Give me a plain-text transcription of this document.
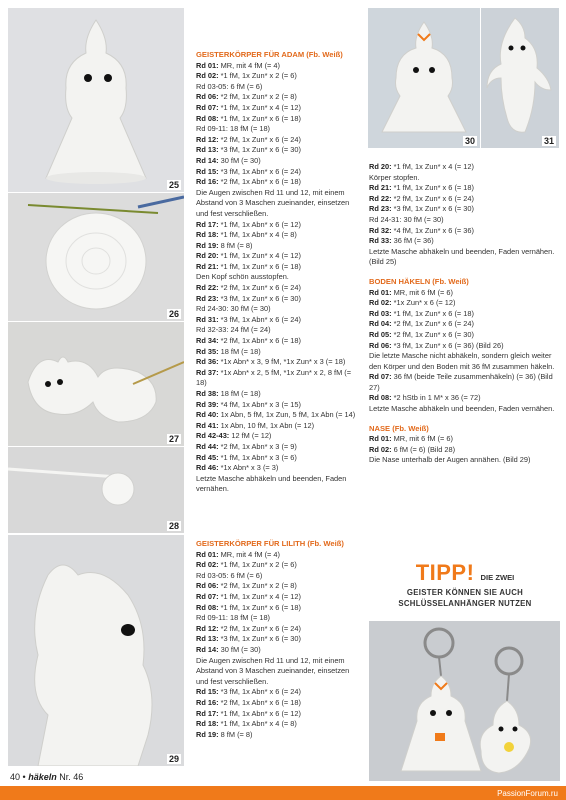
25
26
27
28
29
30	31

GEISTERKÖRPER FÜR ADAM (Fb. Weiß)

Rd 01: MR, mit 4 fM (= 4)

Rd 02: *1 fM, 1x Zun* x 2 (= 6)

Rd 03-05: 6 fM (= 6)

Rd 06: *2 fM, 1x Zun* x 2 (= 8)

Rd 07: *1 fM, 1x Zun* x 4 (= 12)

Rd 08: *1 fM, 1x Zun* x 6 (= 18)

Rd 09-11: 18 fM (= 18)

Rd 12: *2 fM, 1x Zun* x 6 (= 24)

Rd 13: *3 fM, 1x Zun* x 6 (= 30)

Rd 14: 30 fM (= 30)

Rd 15: *3 fM, 1x Abn* x 6 (= 24)

Rd 16: *2 fM, 1x Abn* x 6 (= 18)

Die Augen zwischen Rd 11 und 12, mit einem Abstand von 3 Maschen zueinander, einsetzen und fest verschließen.

Rd 17: *1 fM, 1x Abn* x 6 (= 12)

Rd 18: *1 fM, 1x Abn* x 4 (= 8)

Rd 19: 8 fM (= 8)

Rd 20: *1 fM, 1x Zun* x 4 (= 12)

Rd 21: *1 fM, 1x Zun* x 6 (= 18)

Den Kopf schön ausstopfen.

Rd 22: *2 fM, 1x Zun* x 6 (= 24)

Rd 23: *3 fM, 1x Zun* x 6 (= 30)

Rd 24-30: 30 fM (= 30)

Rd 31: *3 fM, 1x Abn* x 6 (= 24)

Rd 32-33: 24 fM (= 24)

Rd 34: *2 fM, 1x Abn* x 6 (= 18)

Rd 35: 18 fM (= 18)

Rd 36: *1x Abn* x 3, 9 fM, *1x Zun* x 3 (= 18)

Rd 37: *1x Abn* x 2, 5 fM, *1x Zun* x 2, 8 fM (= 18)

Rd 38: 18 fM (= 18)

Rd 39: *4 fM, 1x Abn* x 3 (= 15)

Rd 40: 1x Abn, 5 fM, 1x Zun, 5 fM, 1x Abn (= 14)

Rd 41: 1x Abn, 10 fM, 1x Abn (= 12)

Rd 42-43: 12 fM (= 12)

Rd 44: *2 fM, 1x Abn* x 3 (= 9)

Rd 45: *1 fM, 1x Abn* x 3 (= 6)

Rd 46: *1x Abn* x 3 (= 3)

Letzte Masche abhäkeln und beenden, Faden vernähen.

GEISTERKÖRPER FÜR LILITH (Fb. Weiß)

Rd 01: MR, mit 4 fM (= 4)

Rd 02: *1 fM, 1x Zun* x 2 (= 6)

Rd 03-05: 6 fM (= 6)

Rd 06: *2 fM, 1x Zun* x 2 (= 8)

Rd 07: *1 fM, 1x Zun* x 4 (= 12)

Rd 08: *1 fM, 1x Zun* x 6 (= 18)

Rd 09-11: 18 fM (= 18)

Rd 12: *2 fM, 1x Zun* x 6 (= 24)

Rd 13: *3 fM, 1x Zun* x 6 (= 30)

Rd 14: 30 fM (= 30)

Die Augen zwischen Rd 11 und 12, mit einem Abstand von 3 Maschen zueinander, einsetzen und fest verschließen.

Rd 15: *3 fM, 1x Abn* x 6 (= 24)

Rd 16: *2 fM, 1x Abn* x 6 (= 18)

Rd 17: *1 fM, 1x Abn* x 6 (= 12)

Rd 18: *1 fM, 1x Abn* x 4 (= 8)

Rd 19: 8 fM (= 8)

Rd 20: *1 fM, 1x Zun* x 4 (= 12)

Körper stopfen.

Rd 21: *1 fM, 1x Zun* x 6 (= 18)

Rd 22: *2 fM, 1x Zun* x 6 (= 24)

Rd 23: *3 fM, 1x Zun* x 6 (= 30)

Rd 24-31: 30 fM (= 30)

Rd 32: *4 fM, 1x Zun* x 6 (= 36)

Rd 33: 36 fM (= 36)

Letzte Masche abhäkeln und beenden, Faden vernähen. (Bild 25)

BODEN HÄKELN (Fb. Weiß)

Rd 01: MR, mit 6 fM (= 6)

Rd 02: *1x Zun* x 6 (= 12)

Rd 03: *1 fM, 1x Zun* x 6 (= 18)

Rd 04: *2 fM, 1x Zun* x 6 (= 24)

Rd 05: *2 fM, 1x Zun* x 6 (= 30)

Rd 06: *3 fM, 1x Zun* x 6 (= 36) (Bild 26)

Die letzte Masche nicht abhäkeln, sondern gleich weiter den Körper und den Boden mit 36 fM zusammen häkeln.

Rd 07: 36 fM (beide Teile zusammenhäkeln) (= 36) (Bild 27)

Rd 08: *2 hStb in 1 M* x 36 (= 72)

Letzte Masche abhäkeln und beenden, Faden vernähen.

NASE (Fb. Weiß)

Rd 01: MR, mit 6 fM (= 6)

Rd 02: 6 fM (= 6) (Bild 28)

Die Nase unterhalb der Augen annähen. (Bild 29)

TIPP! DIE ZWEI
GEISTER KÖNNEN SIE AUCH
SCHLÜSSELANHÄNGER NUTZEN
40 • häkeln Nr. 46
PassionForum.ru
